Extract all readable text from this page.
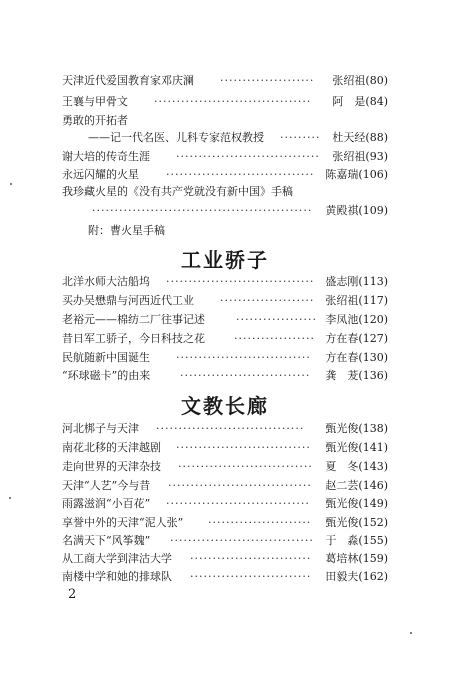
天津近代爱国教育家邓庆澜 ·····················	张绍祖(80)
王襄与甲骨文 ···································	阿　是(84)
勇敢的开拓者
——记一代名医、儿科专家范权教授 ·········	杜天经(88)
谢大培的传奇生涯 ································ 张绍祖(93)
永远闪耀的火星 ·································	陈嘉瑞(106)
我珍藏火星的《没有共产党就没有新中国》手稿
·················································	黄殿祺(109)
附：曹火星手稿
工业骄子
北洋水师大沽船坞 ·································	盛志刚(113)
买办吴懋鼎与河西近代工业 ····················· 张绍祖(117)
老裕元——棉纺二厂往事记述	·················· 李凤池(120)
昔日军工骄子，今日科技之花	·················· 方在春(127)
民航随新中国诞生 ······························	方在春(130)
“环球磁卡”的由来	·····························	龚　茇(136)
文教长廊
河北梆子与天津 ·································	甄光俊(138)
南花北移的天津越剧 ······························	甄光俊(141)
走向世界的天津杂技 ······························	夏　冬(143)
天津“人艺”今与昔 ································	赵二芸(146)
雨露滋润“小百花” ································	甄光俊(149)
享誉中外的天津“泥人张” ·······················	甄光俊(152)
名满天下“风筝魏” ································	于　淼(155)
从工商大学到津沽大学 ···························	葛培林(159)
南楼中学和她的排球队 ···························	田毅夫(162)
2
